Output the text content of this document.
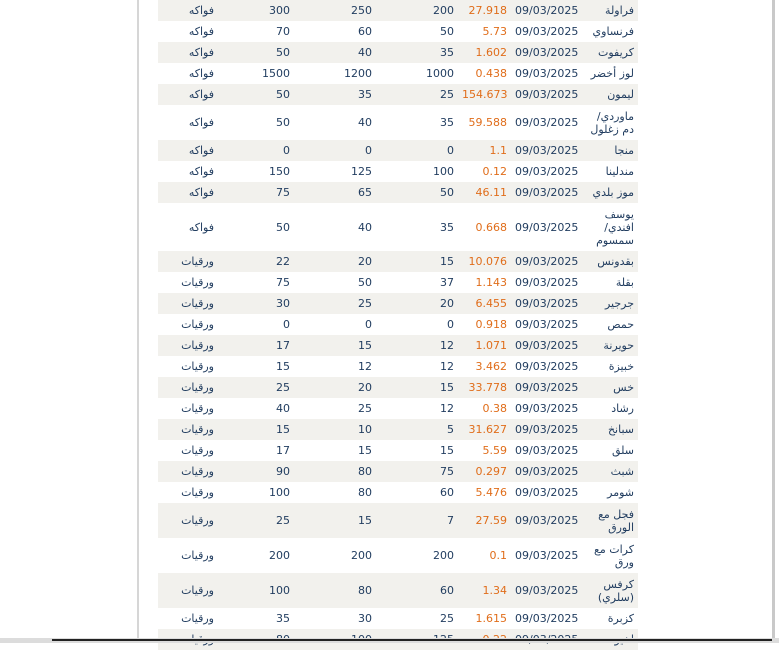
فواكه	300	250	200	27.918	09/03/2025	فراولة
فواكه	70	60	50	5.73	09/03/2025	فرنساوي
فواكه	50	40	35	1.602	09/03/2025	كريفوت
فواكه	1500	1200	1000	0.438	09/03/2025	لوز أخضر
فواكه	50	35	25	154.673	09/03/2025	ليمون
فواكه	50	40	35	59.588	09/03/2025	ماوردي/دم زغلول
فواكه	0	0	0	1.1	09/03/2025	منجا
فواكه	150	125	100	0.12	09/03/2025	مندلينا
فواكه	75	65	50	46.11	09/03/2025	موز بلدي
فواكه	50	40	35	0.668	09/03/2025	يوسف افندي/ سمسوم
ورقيات	22	20	15	10.076	09/03/2025	بقدونس
ورقيات	75	50	37	1.143	09/03/2025	بقلة
ورقيات	30	25	20	6.455	09/03/2025	جرجير
ورقيات	0	0	0	0.918	09/03/2025	حمص
ورقيات	17	15	12	1.071	09/03/2025	حويرنة
ورقيات	15	12	12	3.462	09/03/2025	خبيزة
ورقيات	25	20	15	33.778	09/03/2025	خس
ورقيات	40	25	12	0.38	09/03/2025	رشاد
ورقيات	15	10	5	31.627	09/03/2025	سبانخ
ورقيات	17	15	15	5.59	09/03/2025	سلق
ورقيات	90	80	75	0.297	09/03/2025	شبث
ورقيات	100	80	60	5.476	09/03/2025	شومر
ورقيات	25	15	7	27.59	09/03/2025	فجل مع الورق
ورقيات	200	200	200	0.1	09/03/2025	كرات مع ورق
ورقيات	100	80	60	1.34	09/03/2025	كرفس (سلري)
ورقيات	35	30	25	1.615	09/03/2025	كزبرة
